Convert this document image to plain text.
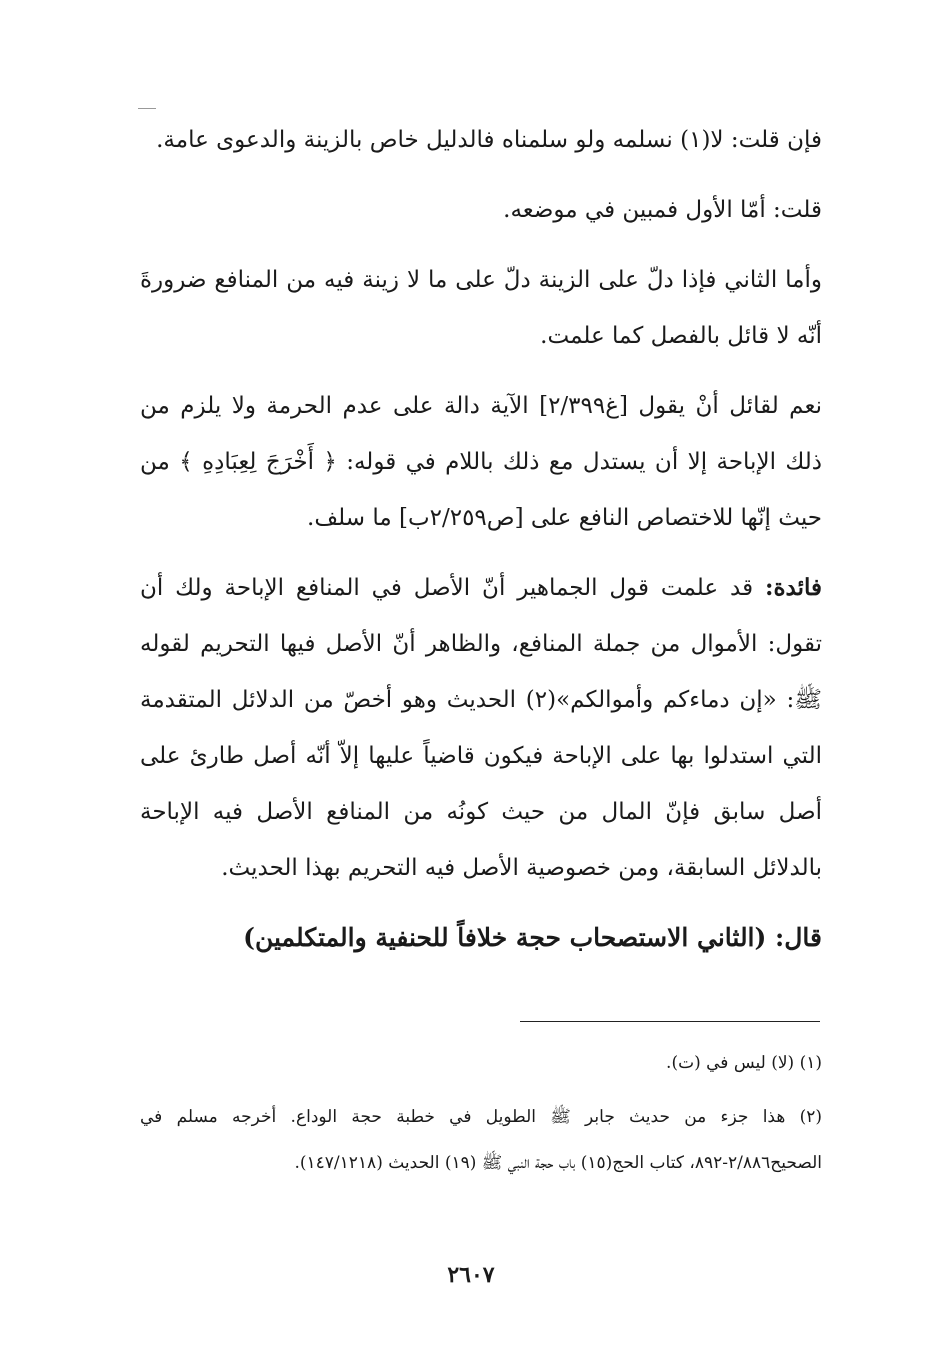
فإن قلت: لا(١) نسلمه ولو سلمناه فالدليل خاص بالزينة والدعوى عامة.

قلت: أمّا الأول فمبين في موضعه.

وأما الثاني فإذا دلّ على الزينة دلّ على ما لا زينة فيه من المنافع ضرورةَ أنّه لا قائل بالفصل كما علمت.

نعم لقائل أنْ يقول [غ٢/٣٩٩] الآية دالة على عدم الحرمة ولا يلزم من ذلك الإباحة إلا أن يستدل مع ذلك باللام في قوله: ﴿ أَخْرَجَ لِعِبَادِهِ ﴾ من حيث إنّها للاختصاص النافع على [ص٢/٢٥٩ب] ما سلف.

فائدة: قد علمت قول الجماهير أنّ الأصل في المنافع الإباحة ولك أن تقول: الأموال من جملة المنافع، والظاهر أنّ الأصل فيها التحريم لقوله ﷺ: «إن دماءكم وأموالكم»(٢) الحديث وهو أخصّ من الدلائل المتقدمة التي استدلوا بها على الإباحة فيكون قاضياً عليها إلاّ أنّه أصل طارئ على أصل سابق فإنّ المال من حيث كونُه من المنافع الأصل فيه الإباحة بالدلائل السابقة، ومن خصوصية الأصل فيه التحريم بهذا الحديث.

قال: (الثاني الاستصحاب حجة خلافاً للحنفية والمتكلمين)

(١) (لا) ليس في (ت).

(٢) هذا جزء من حديث جابر ﷺ الطويل في خطبة حجة الوداع. أخرجه مسلم في الصحيح٢/٨٨٦-٨٩٢، كتاب الحج(١٥) باب حجة النبي ﷺ (١٩) الحديث (١٤٧/١٢١٨).

٢٦٠٧
